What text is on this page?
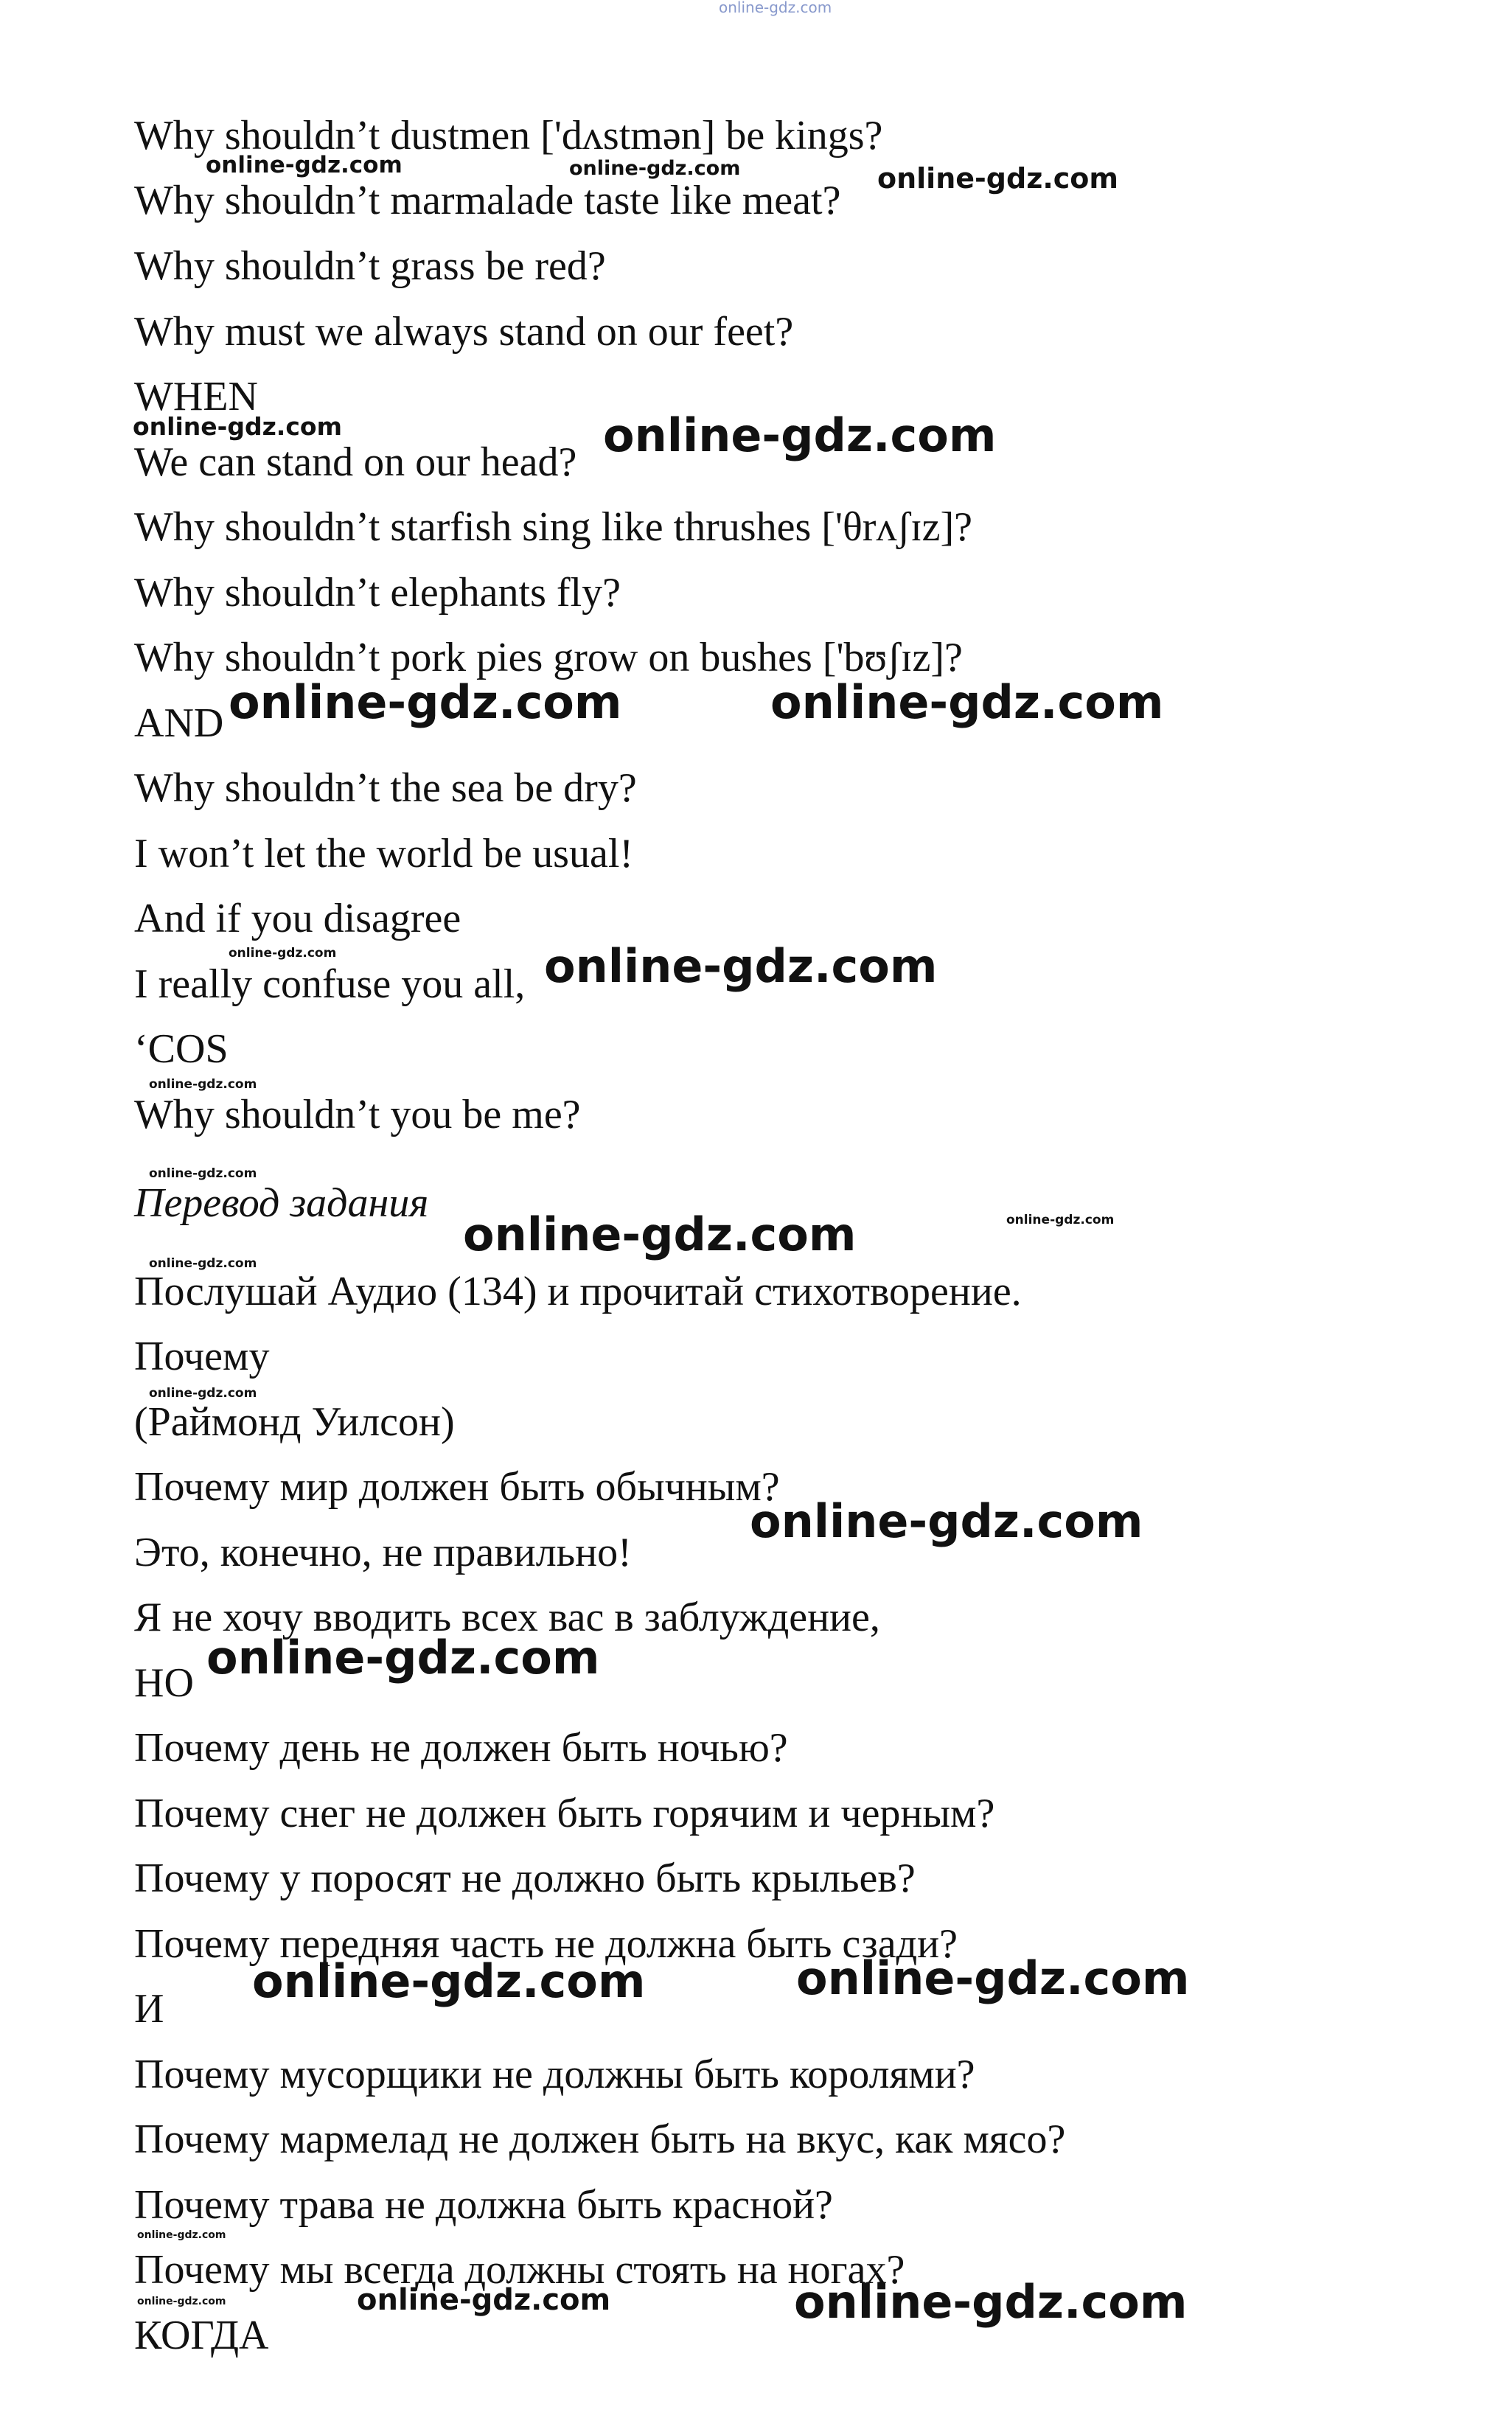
online-gdz.com

Why shouldn’t dustmen ['dʌstmən] be kings?

Why shouldn’t marmalade taste like meat?

Why shouldn’t grass be red?

Why must we always stand on our feet?

WHEN

We can stand on our head?

Why shouldn’t starfish sing like thrushes ['θrʌʃɪz]?

Why shouldn’t elephants fly?

Why shouldn’t pork pies grow on bushes ['bʊʃɪz]?

AND

Why shouldn’t the sea be dry?

I won’t let the world be usual!

And if you disagree

I really confuse you all,

‘COS

Why shouldn’t you be me?

Перевод задания

Послушай Аудио (134) и прочитай стихотворение.

Почему

(Раймонд Уилсон)

Почему мир должен быть обычным?

Это, конечно, не правильно!

Я не хочу вводить всех вас в заблуждение,

НО

Почему день не должен быть ночью?

Почему снег не должен быть горячим и черным?

Почему у поросят не должно быть крыльев?

Почему передняя часть не должна быть сзади?

И

Почему мусорщики не должны быть королями?

Почему мармелад не должен быть на вкус, как мясо?

Почему трава не должна быть красной?

Почему мы всегда должны стоять на ногах?

КОГДА

online-gdz.com	online-gdz.com	online-gdz.com
online-gdz.com	online-gdz.com
online-gdz.com	online-gdz.com
online-gdz.com	online-gdz.com
online-gdz.com
online-gdz.com
online-gdz.com	online-gdz.com
online-gdz.com
online-gdz.com
online-gdz.com
online-gdz.com
online-gdz.com	online-gdz.com
online-gdz.com
online-gdz.com	online-gdz.com	online-gdz.com
